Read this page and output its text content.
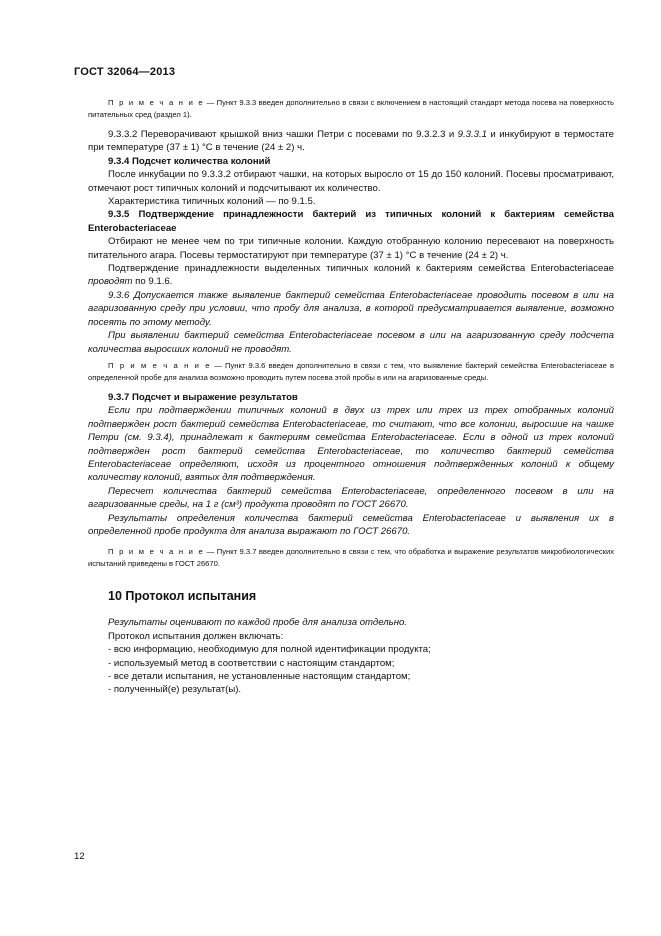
ГОСТ 32064—2013

П р и м е ч а н и е — Пункт 9.3.3 введен дополнительно в связи с включением в настоящий стандарт метода посева на поверхность питательных сред (раздел 1).

9.3.3.2 Переворачивают крышкой вниз чашки Петри с посевами по 9.3.2.3 и 9.3.3.1 и инкубируют в термостате при температуре (37 ± 1) °С в течение (24 ± 2) ч.

9.3.4 Подсчет количества колоний

После инкубации по 9.3.3.2 отбирают чашки, на которых выросло от 15 до 150 колоний. Посевы просматривают, отмечают рост типичных колоний и подсчитывают их количество.

Характеристика типичных колоний — по 9.1.5.

9.3.5 Подтверждение принадлежности бактерий из типичных колоний к бактериям семейства Enterobacteriaceae

Отбирают не менее чем по три типичные колонии. Каждую отобранную колонию пересевают на поверхность питательного агара. Посевы термостатируют при температуре (37 ± 1) °С в течение (24 ± 2) ч.

Подтверждение принадлежности выделенных типичных колоний к бактериям семейства Enterobacteriaceae проводят по 9.1.6.

9.3.6 Допускается также выявление бактерий семейства Enterobacteriaceae проводить посевом в или на агаризованную среду при условии, что пробу для анализа, в которой предусматривается выявление, возможно посеять по этому методу.

При выявлении бактерий семейства Enterobacteriaceae посевом в или на агаризованную среду подсчета количества выросших колоний не проводят.

П р и м е ч а н и е — Пункт 9.3.6 введен дополнительно в связи с тем, что выявление бактерий семейства Enterobacteriaceae в определенной пробе для анализа возможно проводить путем посева этой пробы в или на агаризованные среды.

9.3.7 Подсчет и выражение результатов

Если при подтверждении типичных колоний в двух из трех или трех из трех отобранных колоний подтвержден рост бактерий семейства Enterobacteriaceae, то считают, что все колонии, выросшие на чашке Петри (см. 9.3.4), принадлежат к бактериям семейства Enterobacteriaceae. Если в одной из трех колоний подтвержден рост бактерий семейства Enterobacteriaceae, то количество бактерий семейства Enterobacteriaceae определяют, исходя из процентного отношения подтвержденных колоний к общему количеству колоний, взятых для подтверждения.

Пересчет количества бактерий семейства Enterobacteriaceae, определенного посевом в или на агаризованные среды, на 1 г (см³) продукта проводят по ГОСТ 26670.

Результаты определения количества бактерий семейства Enterobacteriaceae и выявления их в определенной пробе продукта для анализа выражают по ГОСТ 26670.

П р и м е ч а н и е — Пункт 9.3.7 введен дополнительно в связи с тем, что обработка и выражение результатов микробиологических испытаний приведены в ГОСТ 26670.

10 Протокол испытания

Результаты оценивают по каждой пробе для анализа отдельно.

Протокол испытания должен включать:

- всю информацию, необходимую для полной идентификации продукта;
- используемый метод в соответствии с настоящим стандартом;
- все детали испытания, не установленные настоящим стандартом;
- полученный(е) результат(ы).
12
